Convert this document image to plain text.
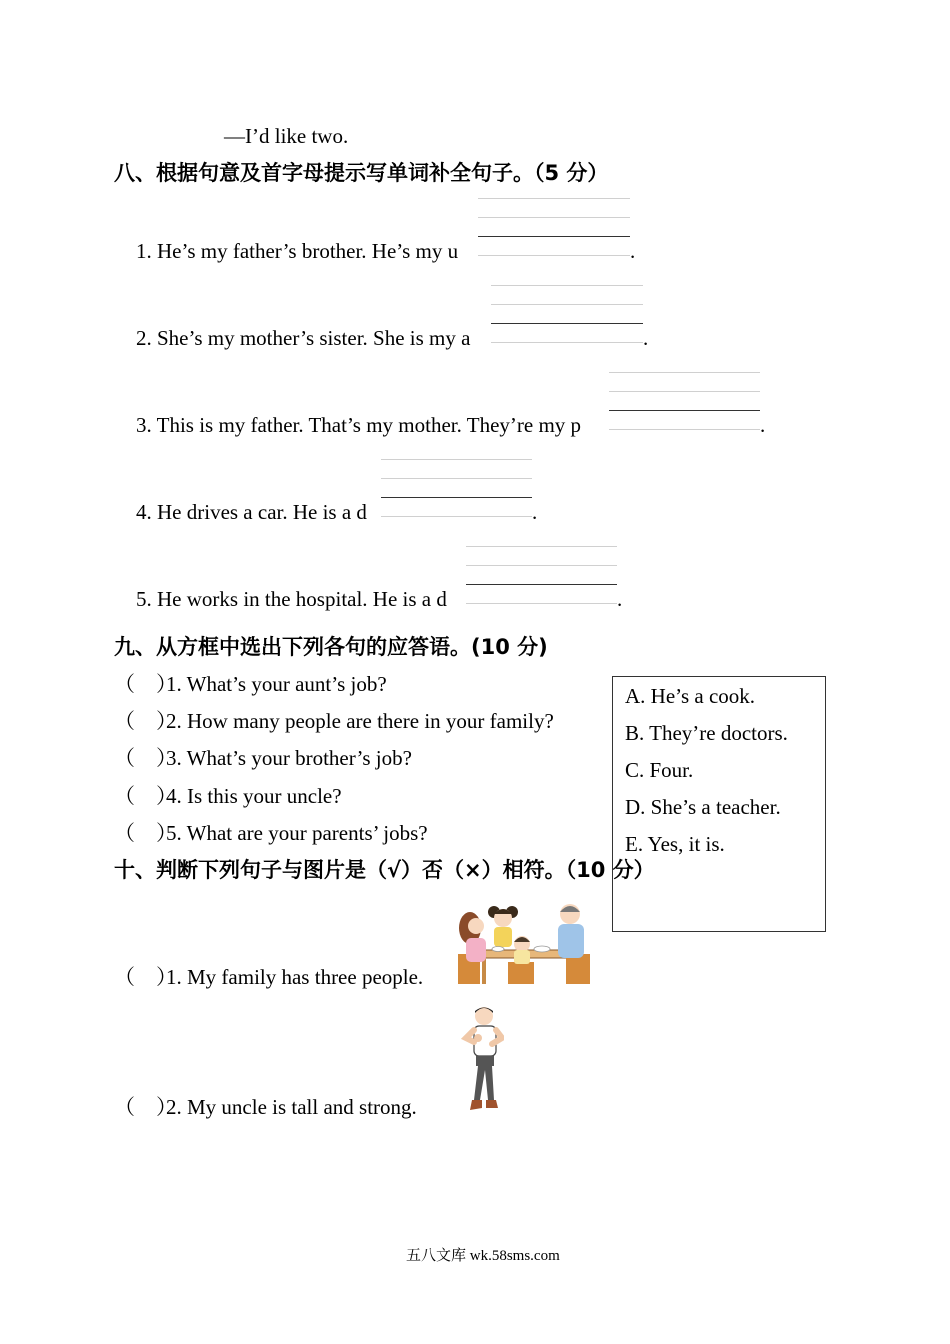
—I’d like two.
八、根据句意及首字母提示写单词补全句子。（5 分）
1. He’s my father’s brother. He’s my u	.
2. She’s my mother’s sister. She is my a	.
3. This is my father. That’s my mother. They’re my p	.
4. He drives a car. He is a d	.
5. He works in the hospital. He is a d	.
九、从方框中选出下列各句的应答语。(10 分)
（　）1. What’s your aunt’s job?
（　）2. How many people are there in your family?
（　）3. What’s your brother’s job?
（　）4. Is this your uncle?
（　）5. What are your parents’ jobs?
A. He’s a cook.
B. They’re doctors.
C. Four.
D. She’s a teacher.
E. Yes, it is.
十、判断下列句子与图片是（√）否（×）相符。（10 分）
（　）1. My family has three people.
（　）2. My uncle is tall and strong.
五八文库 wk.58sms.com
